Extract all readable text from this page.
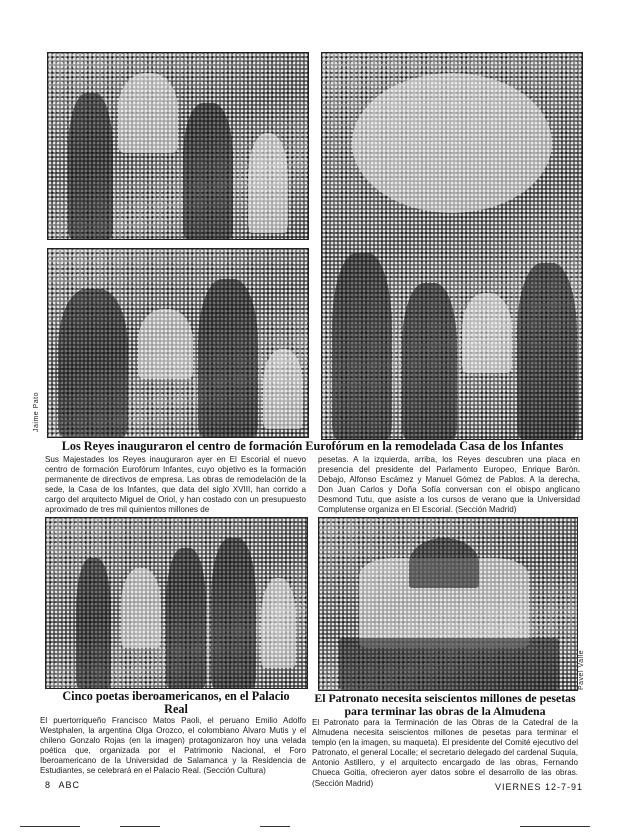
Jaime Pato
Los Reyes inauguraron el centro de formación Eurofórum en la remodelada Casa de los Infantes

Sus Majestades los Reyes inauguraron ayer en El Escorial el nuevo centro de formación Eurofórum Infantes, cuyo objetivo es la formación permanente de directivos de empresa. Las obras de remodelación de la sede, la Casa de los Infantes, que data del siglo XVIII, han corrido a cargo del arquitecto Miguel de Oriol, y han costado con un presupuesto aproximado de tres mil quinientos millones de

pesetas. A la izquierda, arriba, los Reyes descubren una placa en presencia del presidente del Parlamento Europeo, Enrique Barón. Debajo, Alfonso Escámez y Manuel Gómez de Pablos. A la derecha, Don Juan Carlos y Doña Sofía conversan con el obispo anglicano Desmond Tutu, que asiste a los cursos de verano que la Universidad Complutense organiza en El Escorial. (Sección Madrid)

Pavel Valle
Cinco poetas iberoamericanos, en el Palacio Real

El puertorriqueño Francisco Matos Paoli, el peruano Emilio Adolfo Westphalen, la argentina Olga Orozco, el colombiano Álvaro Mutis y el chileno Gonzalo Rojas (en la imagen) protagonizaron hoy una velada poética que, organizada por el Patrimonio Nacional, el Foro Iberoamericano de la Universidad de Salamanca y la Residencia de Estudiantes, se celebrará en el Palacio Real. (Sección Cultura)

El Patronato necesita seiscientos millones de pesetas para terminar las obras de la Almudena

El Patronato para la Terminación de las Obras de la Catedral de la Almudena necesita seiscientos millones de pesetas para terminar el templo (en la imagen, su maqueta). El presidente del Comité ejecutivo del Patronato, el general Localle; el secretario delegado del cardenal Suquía, Antonio Astillero, y el arquitecto encargado de las obras, Fernando Chueca Goitia, ofrecieron ayer datos sobre el desarrollo de las obras. (Sección Madrid)

8 ABC	VIERNES 12-7-91
